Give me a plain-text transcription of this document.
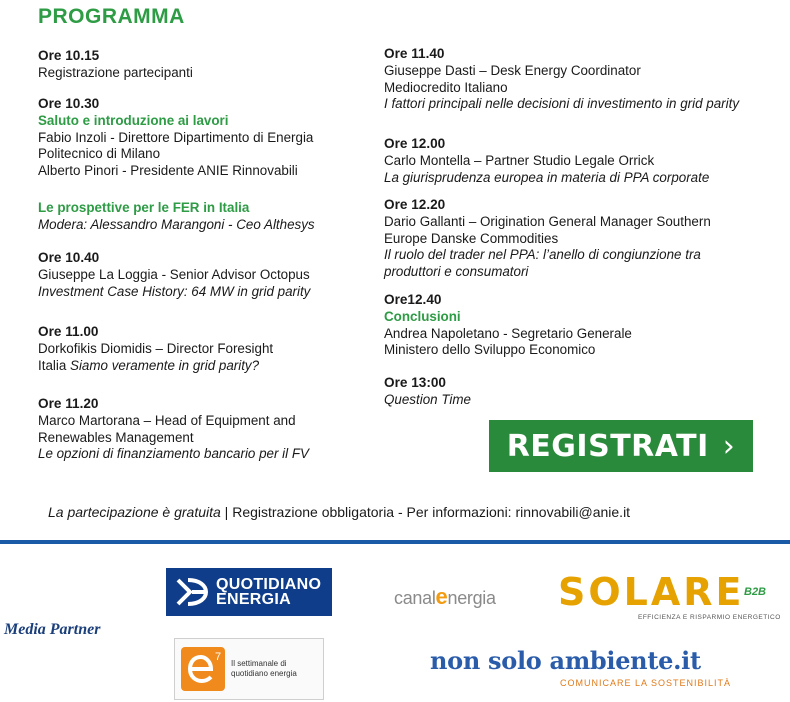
PROGRAMMA
Ore 10.15
Registrazione partecipanti
Ore 10.30
Saluto e introduzione ai lavori
Fabio Inzoli - Direttore Dipartimento di Energia
Politecnico di Milano
Alberto Pinori - Presidente ANIE Rinnovabili
Le prospettive per le FER in Italia
Modera: Alessandro Marangoni - Ceo Althesys
Ore 10.40
Giuseppe La Loggia - Senior Advisor Octopus
Investment Case History: 64 MW in grid parity
Ore 11.00
Dorkofikis Diomidis – Director Foresight
Italia Siamo veramente in grid parity?
Ore 11.20
Marco Martorana – Head of Equipment and
Renewables Management
Le opzioni di finanziamento bancario per il FV
Ore 11.40
Giuseppe Dasti – Desk Energy Coordinator
Mediocredito Italiano
I fattori principali nelle decisioni di investimento in grid parity
Ore 12.00
Carlo Montella – Partner Studio Legale Orrick
La giurisprudenza europea in materia di PPA corporate
Ore 12.20
Dario Gallanti – Origination General Manager Southern
Europe Danske Commodities
Il ruolo del trader nel PPA: l’anello di congiunzione tra
produttori e consumatori
Ore12.40
Conclusioni
Andrea Napoletano - Segretario Generale
Ministero dello Sviluppo Economico
Ore 13:00
Question Time
REGISTRATI ›
La partecipazione è gratuita | Registrazione obbligatoria - Per informazioni: rinnovabili@anie.it
Media Partner
QUOTIDIANO
ENERGIA
7
Il settimanale di
quotidiano energia
canalenergia SOLARE B2B
EFFICIENZA E RISPARMIO ENERGETICO
non solo ambiente.it
COMUNICARE LA SOSTENIBILITÀ
